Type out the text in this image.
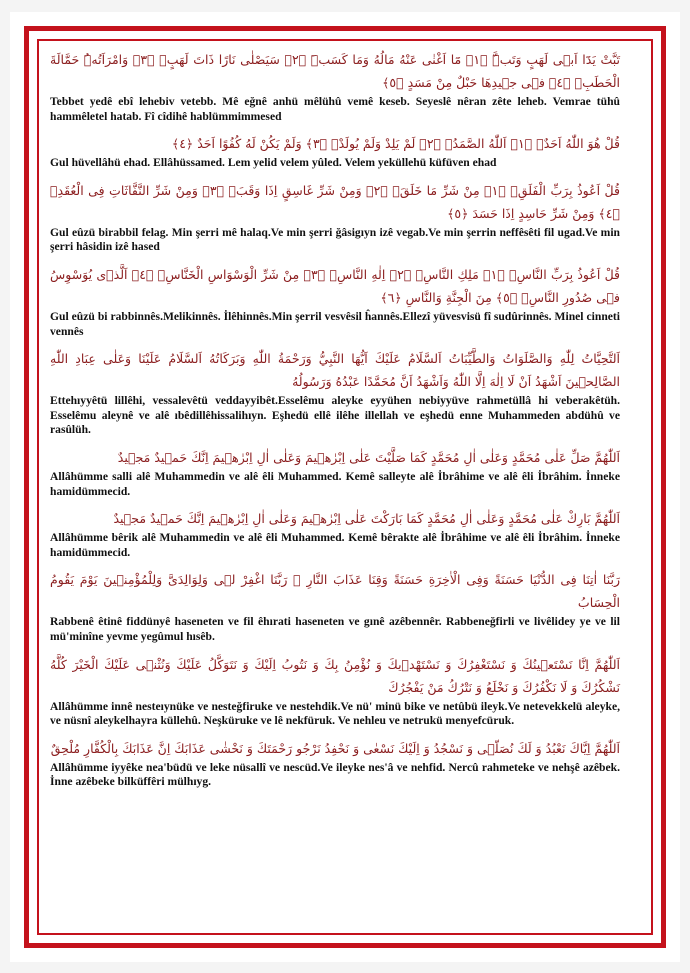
تَبَّتْ يَدَٓا اَبٖى لَهَبٍ وَتَبَّۜ ﴿١﴾ مَٓا اَغْنٰى عَنْهُ مَالُهُ وَمَا كَسَبَۜ ﴿٢﴾ سَيَصْلٰى نَارًا ذَاتَ لَهَبٍۚ ﴿٣﴾ وَامْرَاَتُهُۜ حَمَّالَةَ الْحَطَبِۚ ﴿٤﴾ فٖى جٖيدِهَا حَبْلٌ مِنْ مَسَدٍ ﴿٥﴾

Tebbet yedê ebî lehebiv vetebb. Mê eğnê anhü mêlühû vemê keseb. Seyeslê nêran zête leheb. Vemrae tühû hammêletel hatab. Fî cîdihê hablümmimmesed

قُلْ هُوَ اللّٰهُ اَحَدٌۚ ﴿١﴾ اَللّٰهُ الصَّمَدُۚ ﴿٢﴾ لَمْ يَلِدْ وَلَمْ يُولَدْۙ ﴿٣﴾ وَلَمْ يَكُنْ لَهُ كُفُوًا اَحَدٌ ﴿٤﴾

Gul hüvellâhü ehad. Ellâhüssamed. Lem yelid velem yûled. Velem yeküllehü küfüven ehad

قُلْ اَعُوذُ بِرَبِّ الْفَلَقِۙ ﴿١﴾ مِنْ شَرِّ مَا خَلَقَۙ ﴿٢﴾ وَمِنْ شَرِّ غَاسِقٍ اِذَا وَقَبَۙ ﴿٣﴾ وَمِنْ شَرِّ النَّفَّاثَاتِ فِى الْعُقَدِۙ ﴿٤﴾ وَمِنْ شَرِّ حَاسِدٍ اِذَا حَسَدَ ﴿٥﴾

Gul eûzü birabbil felag. Min şerri mê halaq.Ve min şerri ğâsigıyn izê vegab.Ve min şerrin neffêsêti fil ugad.Ve min şerri hâsidin izê hased

قُلْ اَعُوذُ بِرَبِّ النَّاسِۙ ﴿١﴾ مَلِكِ النَّاسِۙ ﴿٢﴾ اِلٰهِ النَّاسِۙ ﴿٣﴾ مِنْ شَرِّ الْوَسْوَاسِ الْخَنَّاسِۙ ﴿٤﴾ اَلَّذٖى يُوَسْوِسُ فٖى صُدُورِ النَّاسِۙ ﴿٥﴾ مِنَ الْجِنَّةِ وَالنَّاسِ ﴿٦﴾

Gul eûzü bi rabbinnês.Melikinnês. İlêhinnês.Min şerril vesvêsil ĥannês.Ellezî yüvesvisü fî sudûrinnês. Minel cinneti vennês

اَلتَّحِيَّاتُ لِلّٰهِ وَالصَّلَوَاتُ وَالطَّيِّبَاتُ اَلسَّلَامُ عَلَيْكَ اَيُّهَا النَّبِيُّ وَرَحْمَةُ اللّٰهِ وَبَرَكَاتُهُ اَلسَّلَامُ عَلَيْنَا وَعَلٰى عِبَادِ اللّٰهِ الصَّالِحٖينَ اَشْهَدُ اَنْ لَا اِلٰهَ اِلَّا اللّٰهُ وَاَشْهَدُ اَنَّ مُحَمَّدًا عَبْدُهُ وَرَسُولُهُ

Ettehıyyêtü lillêhi, vessalevêtü veddayyibêt.Esselêmu aleyke eyyühen nebiyyüve rahmetüllâ hi veberakêtüh. Esselêmu aleynê ve alê ıbêdillêhissalihıyn. Eşhedü ellê ilêhe illellah ve eşhedü enne Muhammeden abdühû ve rasûlüh.

اَللّٰهُمَّ صَلِّ عَلٰى مُحَمَّدٍ وَعَلٰى اٰلِ مُحَمَّدٍ كَمَا صَلَّيْتَ عَلٰى اِبْرٰهٖيمَ وَعَلٰى اٰلِ اِبْرٰهٖيمَ اِنَّكَ حَمٖيدٌ مَجٖيدٌ

Allâhümme salli alê Muhammedin ve alê êli Muhammed. Kemê salleyte alê İbrâhime ve alê êli İbrâhim. İnneke hamidümmecid.

اَللّٰهُمَّ بَارِكْ عَلٰى مُحَمَّدٍ وَعَلٰى اٰلِ مُحَمَّدٍ كَمَا بَارَكْتَ عَلٰى اِبْرٰهٖيمَ وَعَلٰى اٰلِ اِبْرٰهٖيمَ اِنَّكَ حَمٖيدٌ مَجٖيدٌ

Allâhümme bêrik alê Muhammedin ve alê êli Muhammed. Kemê bêrakte alê İbrâhime ve alê êli İbrâhim. İnneke hamidümmecid.

رَبَّنَا اٰتِنَا فِى الدُّنْيَا حَسَنَةً وَفِى الْاٰخِرَةِ حَسَنَةً وَقِنَا عَذَابَ النَّارِ ۞ رَبَّنَا اغْفِرْ لٖى وَلِوَالِدَىَّ وَلِلْمُؤْمِنٖينَ يَوْمَ يَقُومُ الْحِسَابُ

Rabbenê êtinê fiddünyê haseneten ve fil êhırati haseneten ve gınê azêbennêr. Rabbeneğfirli ve livêlidey ye ve lil mü'minîne yevme yegûmul hısêb.

اَللّٰهُمَّ اِنَّا نَسْتَعٖينُكَ وَ نَسْتَغْفِرُكَ وَ نَسْتَهْدٖيكَ وَ نُؤْمِنُ بِكَ وَ نَتُوبُ اِلَيْكَ وَ نَتَوَكَّلُ عَلَيْكَ وَنُثْنٖى عَلَيْكَ الْخَيْرَ كُلَّهُ نَشْكُرُكَ وَ لَا نَكْفُرُكَ وَ نَخْلَعُ وَ نَتْرُكُ مَنْ يَفْجُرُكَ

Allâhümme innê nesteıynüke ve nesteğfiruke ve nestehdik.Ve nü' minü bike ve netûbü ileyk.Ve netevekkelü aleyke, ve nüsnî aleykelhayra küllehû. Neşküruke ve lê nekfüruk. Ve nehleu ve netrukü menyefcüruk.

اَللّٰهُمَّ اِيَّاكَ نَعْبُدُ وَ لَكَ نُصَلّٖى وَ نَسْجُدُ وَ اِلَيْكَ نَسْعٰى وَ نَحْفِدُ نَرْجُو رَحْمَتَكَ وَ نَخْشٰى عَذَابَكَ اِنَّ عَذَابَكَ بِالْكُفَّارِ مُلْحِقٌ

Allâhümme iyyêke nea'büdü ve leke nüsallî ve nescüd.Ve ileyke nes'â ve nehfid. Nercû rahmeteke ve nehşê azêbek. İnne azêbeke bilküffêri mülhıyg.
